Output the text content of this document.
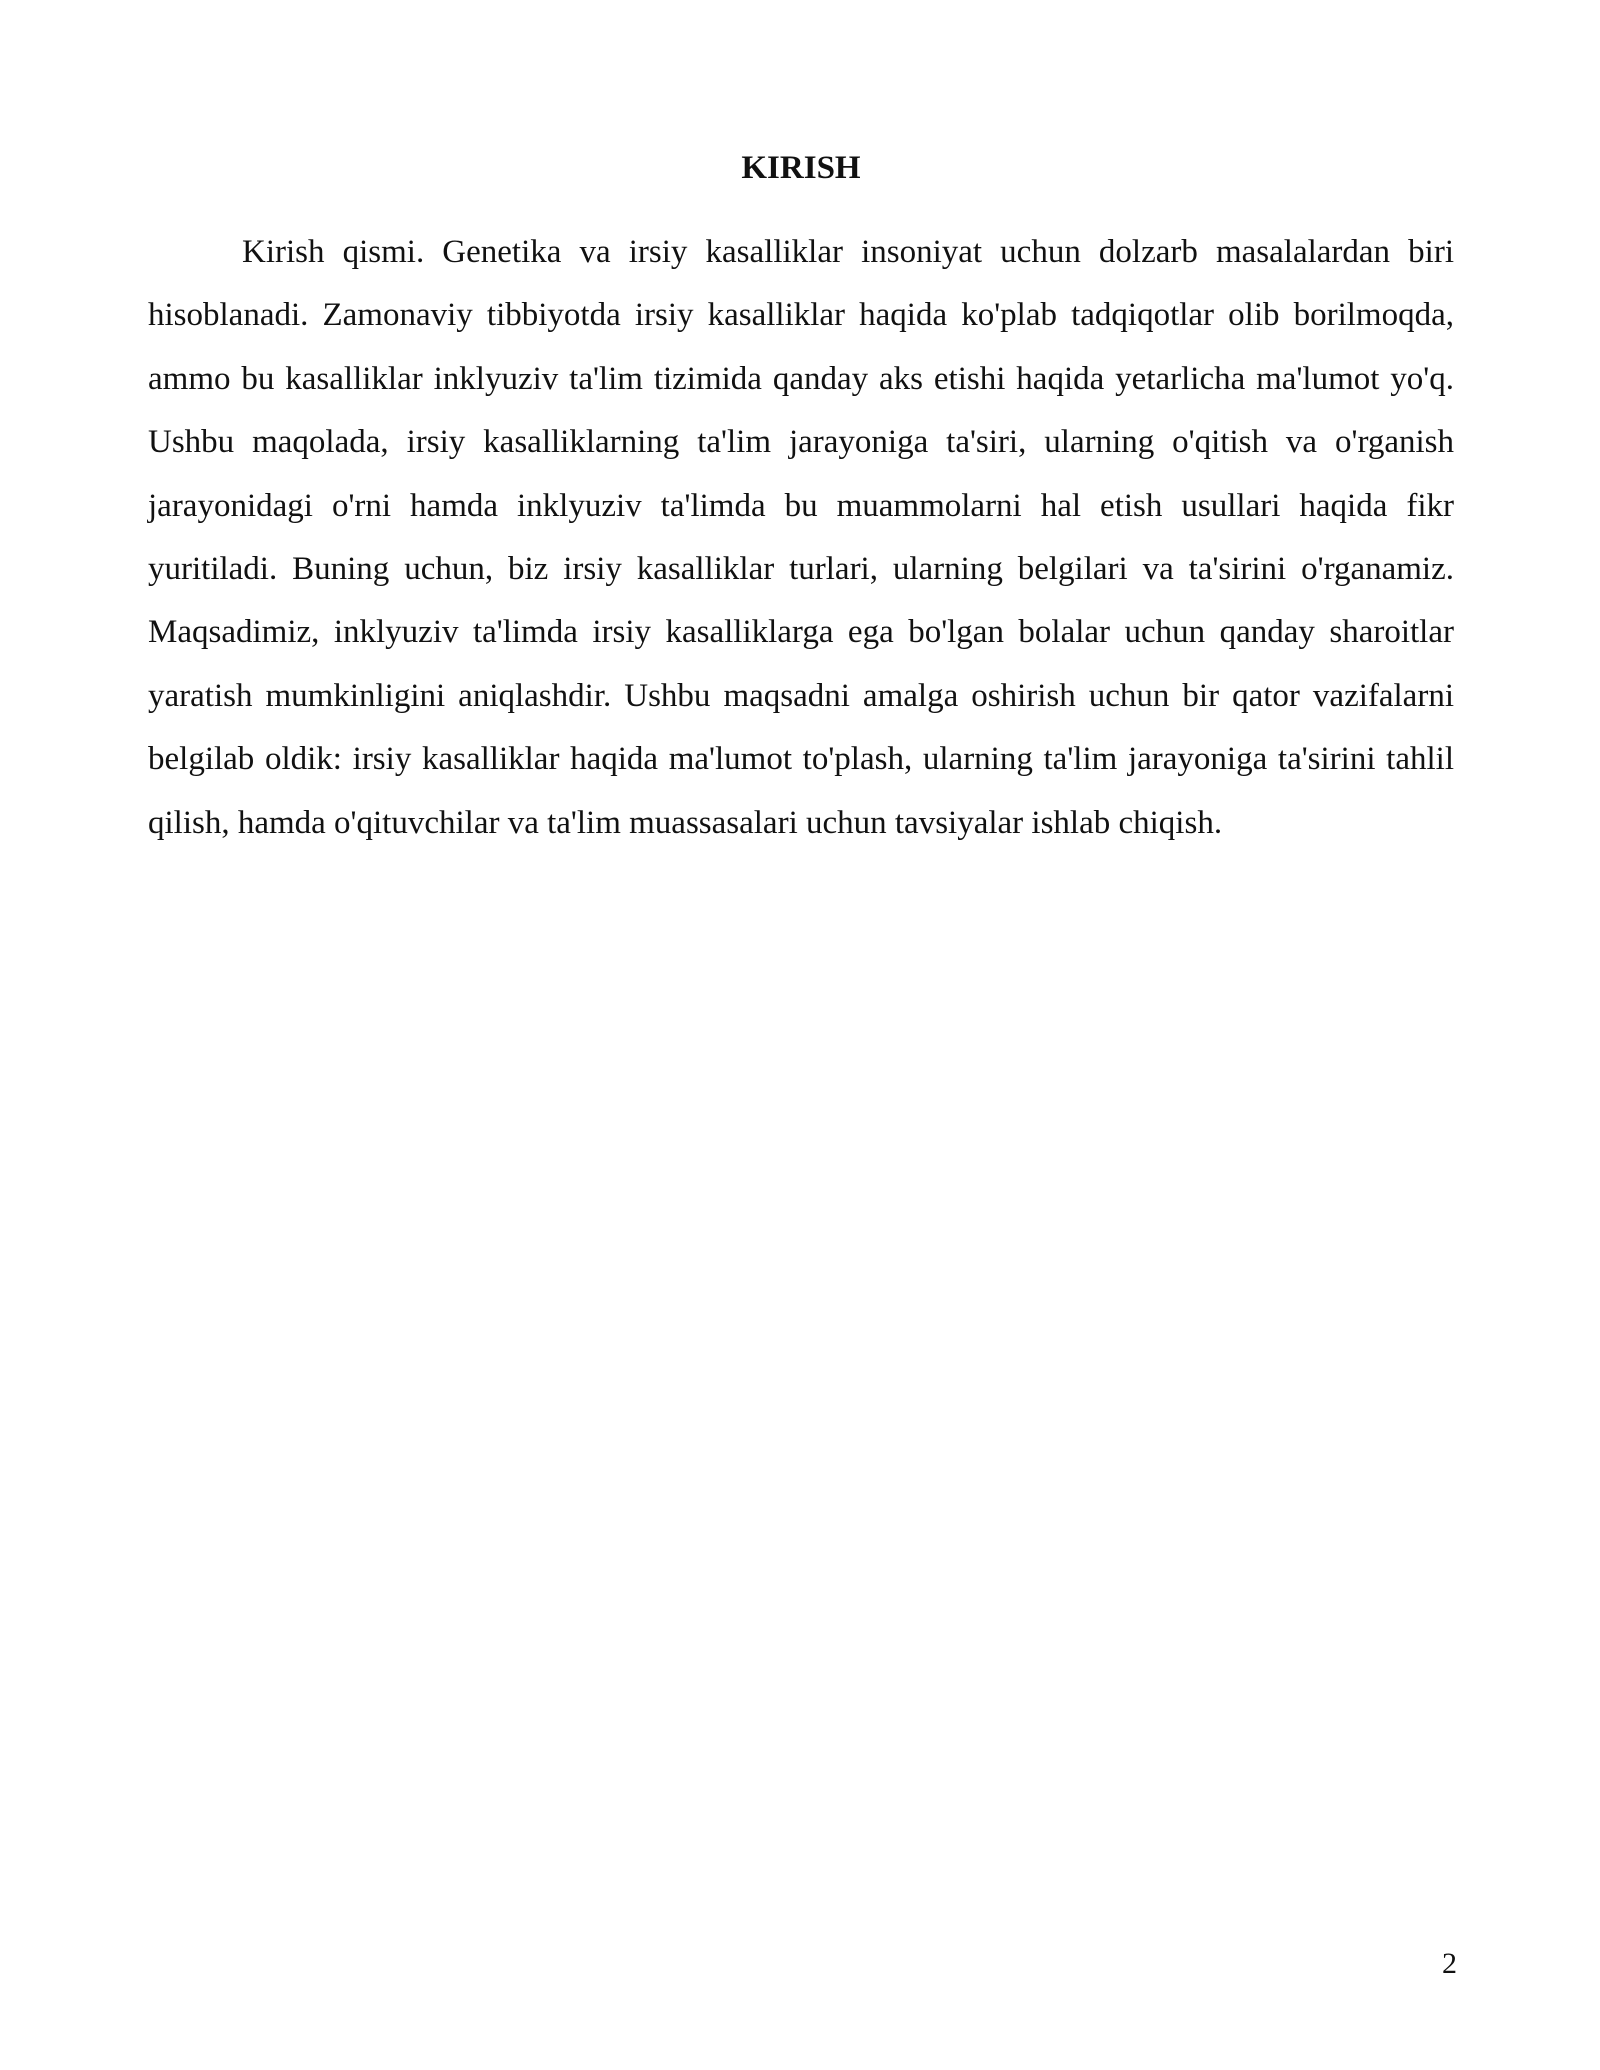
KIRISH

Kirish qismi. Genetika va irsiy kasalliklar insoniyat uchun dolzarb masalalardan biri hisoblanadi. Zamonaviy tibbiyotda irsiy kasalliklar haqida ko'plab tadqiqotlar olib borilmoqda, ammo bu kasalliklar inklyuziv ta'lim tizimida qanday aks etishi haqida yetarlicha ma'lumot yo'q. Ushbu maqolada, irsiy kasalliklarning ta'lim jarayoniga ta'siri, ularning o'qitish va o'rganish jarayonidagi o'rni hamda inklyuziv ta'limda bu muammolarni hal etish usullari haqida fikr yuritiladi. Buning uchun, biz irsiy kasalliklar turlari, ularning belgilari va ta'sirini o'rganamiz. Maqsadimiz, inklyuziv ta'limda irsiy kasalliklarga ega bo'lgan bolalar uchun qanday sharoitlar yaratish mumkinligini aniqlashdir. Ushbu maqsadni amalga oshirish uchun bir qator vazifalarni belgilab oldik: irsiy kasalliklar haqida ma'lumot to'plash, ularning ta'lim jarayoniga ta'sirini tahlil qilish, hamda o'qituvchilar va ta'lim muassasalari uchun tavsiyalar ishlab chiqish.

2
